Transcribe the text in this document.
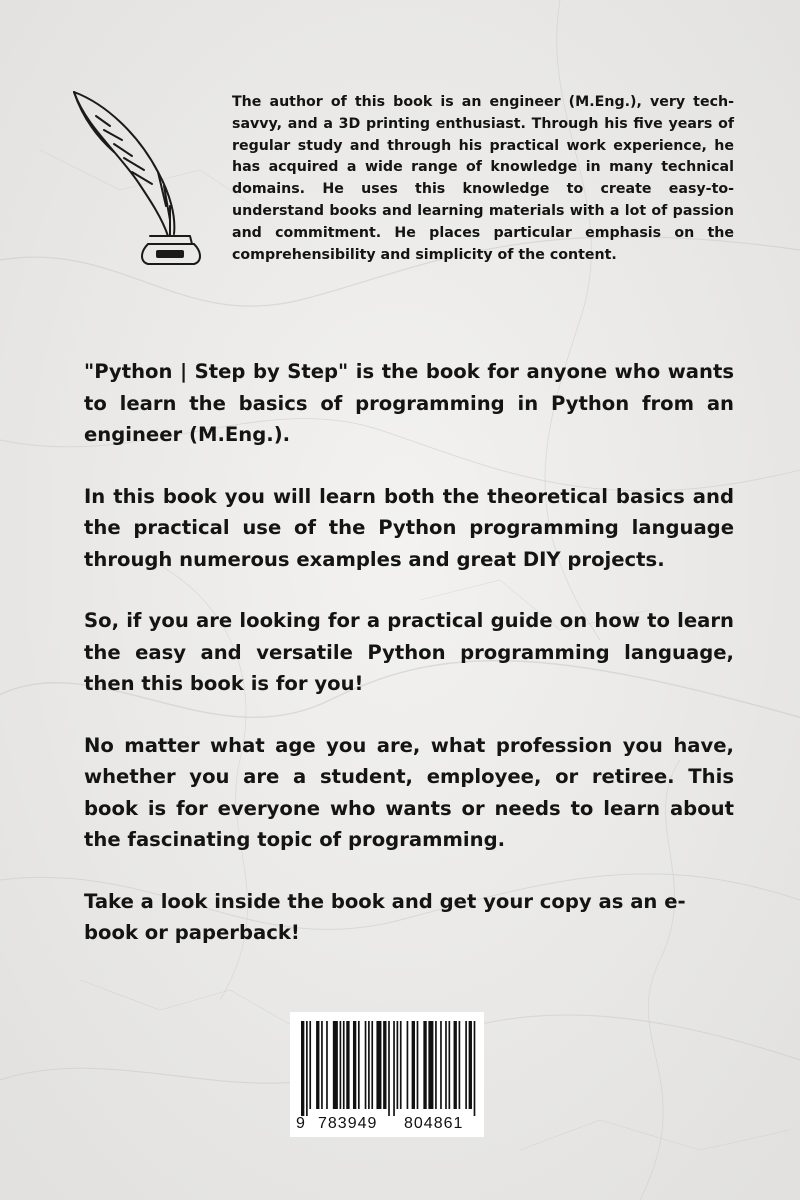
The author of this book is an engineer (M.Eng.), very tech-savvy, and a 3D printing enthusiast. Through his five years of regular study and through his practical work experience, he has acquired a wide range of knowledge in many technical domains. He uses this knowledge to create easy-to-understand books and learning materials with a lot of passion and commitment. He places particular emphasis on the comprehensibility and simplicity of the content.

"Python | Step by Step" is the book for anyone who wants to learn the basics of programming in Python from an engineer (M.Eng.).

In this book you will learn both the theoretical basics and the practical use of the Python programming language through numerous examples and great DIY projects.

So, if you are looking for a practical guide on how to learn the easy and versatile Python programming language, then this book is for you!

No matter what age you are, what profession you have, whether you are a student, employee, or retiree. This book is for everyone who wants or needs to learn about the fascinating topic of programming.

Take a look inside the book and get your copy as an e-book or paperback!

9 783949 804861
